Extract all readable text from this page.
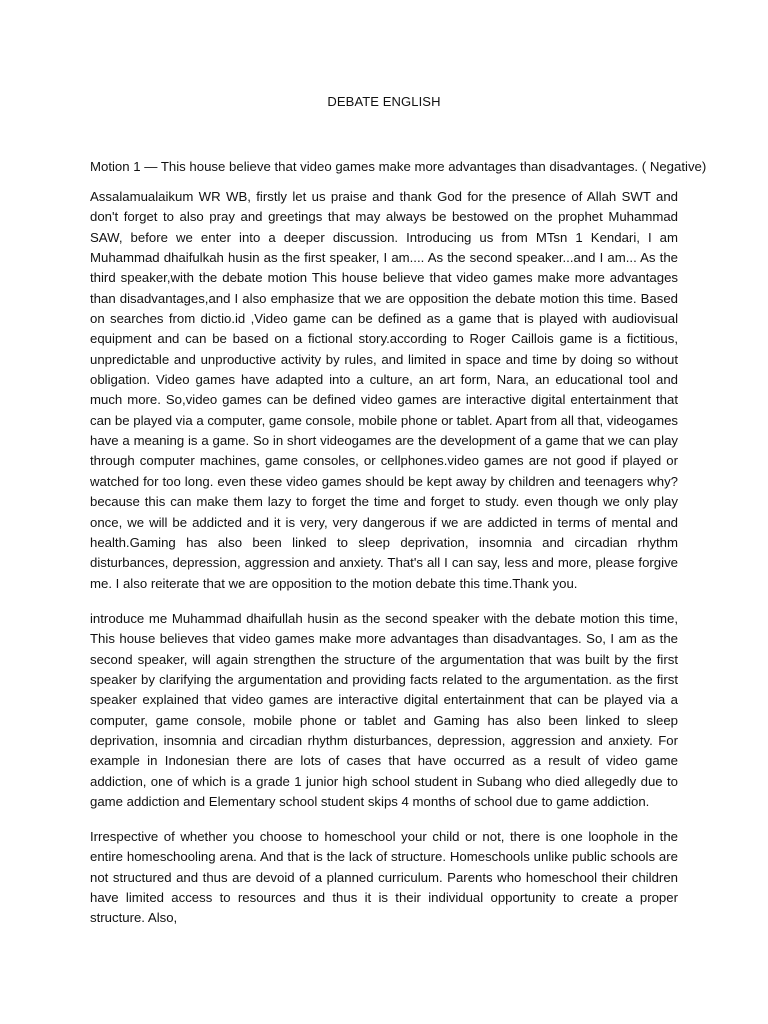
DEBATE ENGLISH
Motion 1 — This house believe that video games make more advantages than disadvantages. ( Negative)

Assalamualaikum WR WB, firstly let us praise and thank God for the presence of Allah SWT and don't forget to also pray and greetings that may always be bestowed on the prophet Muhammad SAW, before we enter into a deeper discussion. Introducing us from MTsn 1 Kendari, I am Muhammad dhaifulkah husin as the first speaker, I am.... As the second speaker...and I am... As the third speaker,with the debate motion This house believe that video games make more advantages than disadvantages,and I also emphasize that we are opposition the debate motion this time. Based on searches from dictio.id ,Video game can be defined as a game that is played with audiovisual equipment and can be based on a fictional story.according to Roger Caillois game is a fictitious, unpredictable and unproductive activity by rules, and limited in space and time by doing so without obligation. Video games have adapted into a culture, an art form, Nara, an educational tool and much more. So,video games can be defined video games are interactive digital entertainment that can be played via a computer, game console, mobile phone or tablet. Apart from all that, videogames have a meaning is a game. So in short videogames are the development of a game that we can play through computer machines, game consoles, or cellphones.video games are not good if played or watched for too long. even these video games should be kept away by children and teenagers why? because this can make them lazy to forget the time and forget to study. even though we only play once, we will be addicted and it is very, very dangerous if we are addicted in terms of mental and health.Gaming has also been linked to sleep deprivation, insomnia and circadian rhythm disturbances, depression, aggression and anxiety. That's all I can say, less and more, please forgive me. I also reiterate that we are opposition to the motion debate this time.Thank you.

introduce me Muhammad dhaifullah husin as the second speaker with the debate motion this time, This house believes that video games make more advantages than disadvantages. So, I am as the second speaker, will again strengthen the structure of the argumentation that was built by the first speaker by clarifying the argumentation and providing facts related to the argumentation. as the first speaker explained that video games are interactive digital entertainment that can be played via a computer, game console, mobile phone or tablet and Gaming has also been linked to sleep deprivation, insomnia and circadian rhythm disturbances, depression, aggression and anxiety. For example in Indonesian there are lots of cases that have occurred as a result of video game addiction, one of which is a grade 1 junior high school student in Subang who died allegedly due to game addiction and Elementary school student skips 4 months of school due to game addiction.

Irrespective of whether you choose to homeschool your child or not, there is one loophole in the entire homeschooling arena. And that is the lack of structure. Homeschools unlike public schools are not structured and thus are devoid of a planned curriculum. Parents who homeschool their children have limited access to resources and thus it is their individual opportunity to create a proper structure. Also,
